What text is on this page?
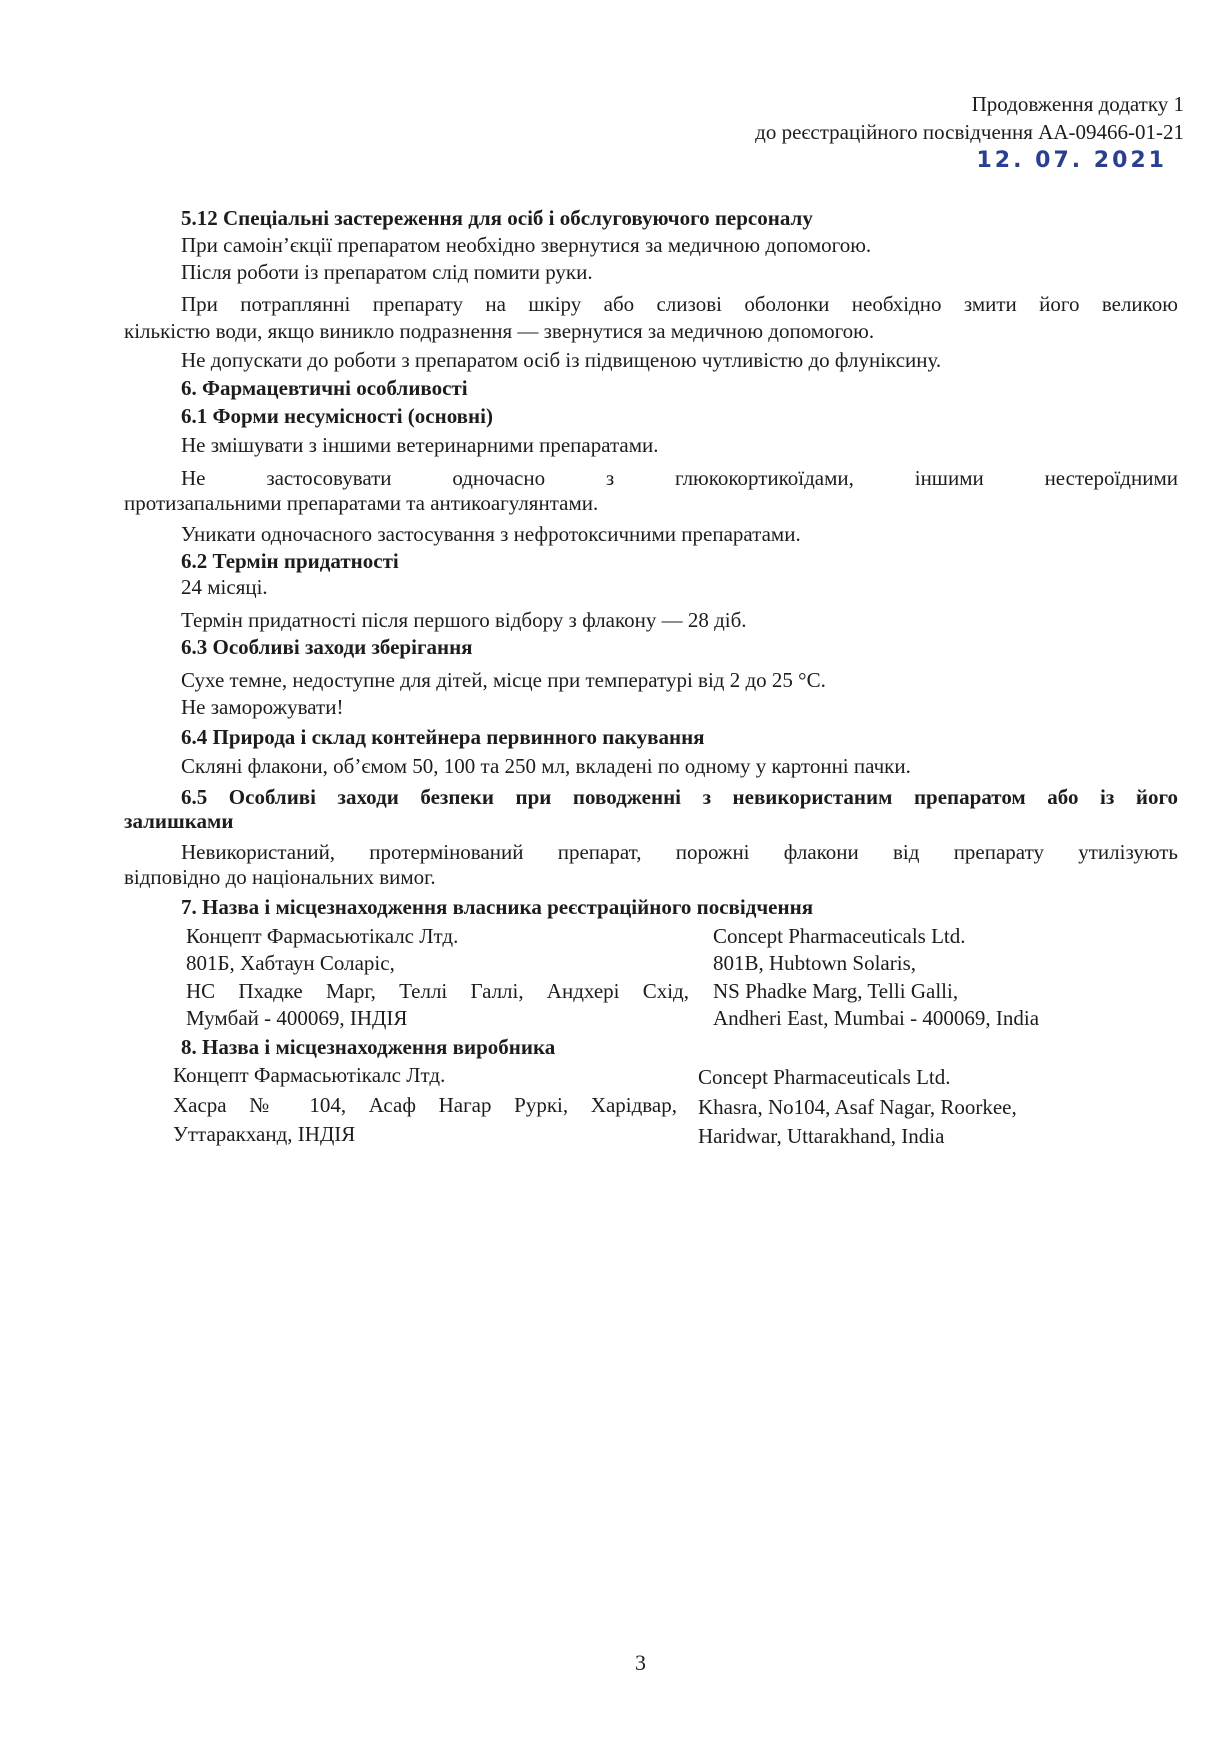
Продовження додатку 1
до реєстраційного посвідчення АА-09466-01-21
12. 07. 2021
5.12 Спеціальні застереження для осіб і обслуговуючого персоналу
При самоін’єкції препаратом необхідно звернутися за медичною допомогою.
Після роботи із препаратом слід помити руки.
При потраплянні препарату на шкіру або слизові оболонки необхідно змити його великою
кількістю води, якщо виникло подразнення — звернутися за медичною допомогою.
Не допускати до роботи з препаратом осіб із підвищеною чутливістю до флуніксину.
6. Фармацевтичні особливості
6.1 Форми несумісності (основні)
Не змішувати з іншими ветеринарними препаратами.
Не застосовувати одночасно з глюкокортикоїдами, іншими нестероїдними
протизапальними препаратами та антикоагулянтами.
Уникати одночасного застосування з нефротоксичними препаратами.
6.2 Термін придатності
24 місяці.
Термін придатності після першого відбору з флакону — 28 діб.
6.3 Особливі заходи зберігання
Сухе темне, недоступне для дітей, місце при температурі від 2 до 25 °С.
Не заморожувати!
6.4 Природа і склад контейнера первинного пакування
Скляні флакони, об’ємом 50, 100 та 250 мл, вкладені по одному у картонні пачки.
6.5 Особливі заходи безпеки при поводженні з невикористаним препаратом або із його
залишками
Невикористаний, протермінований препарат, порожні флакони від препарату утилізують
відповідно до національних вимог.
7. Назва і місцезнаходження власника реєстраційного посвідчення
Концепт Фармасьютікалс Лтд.
801Б, Хабтаун Соларіс,
НС Пхадке Марг, Теллі Галлі, Андхері Схід,
Мумбай - 400069, ІНДІЯ
Concept Pharmaceuticals Ltd.
801B, Hubtown Solaris,
NS Phadke Marg, Telli Galli,
Andheri East, Mumbai - 400069, India
8. Назва і місцезнаходження виробника
Концепт Фармасьютікалс Лтд.
Хасра № 104, Асаф Нагар Руркі, Харідвар,
Уттаракханд, ІНДІЯ
Concept Pharmaceuticals Ltd.
Khasra, No104, Asaf Nagar, Roorkee,
Haridwar, Uttarakhand, India
3
